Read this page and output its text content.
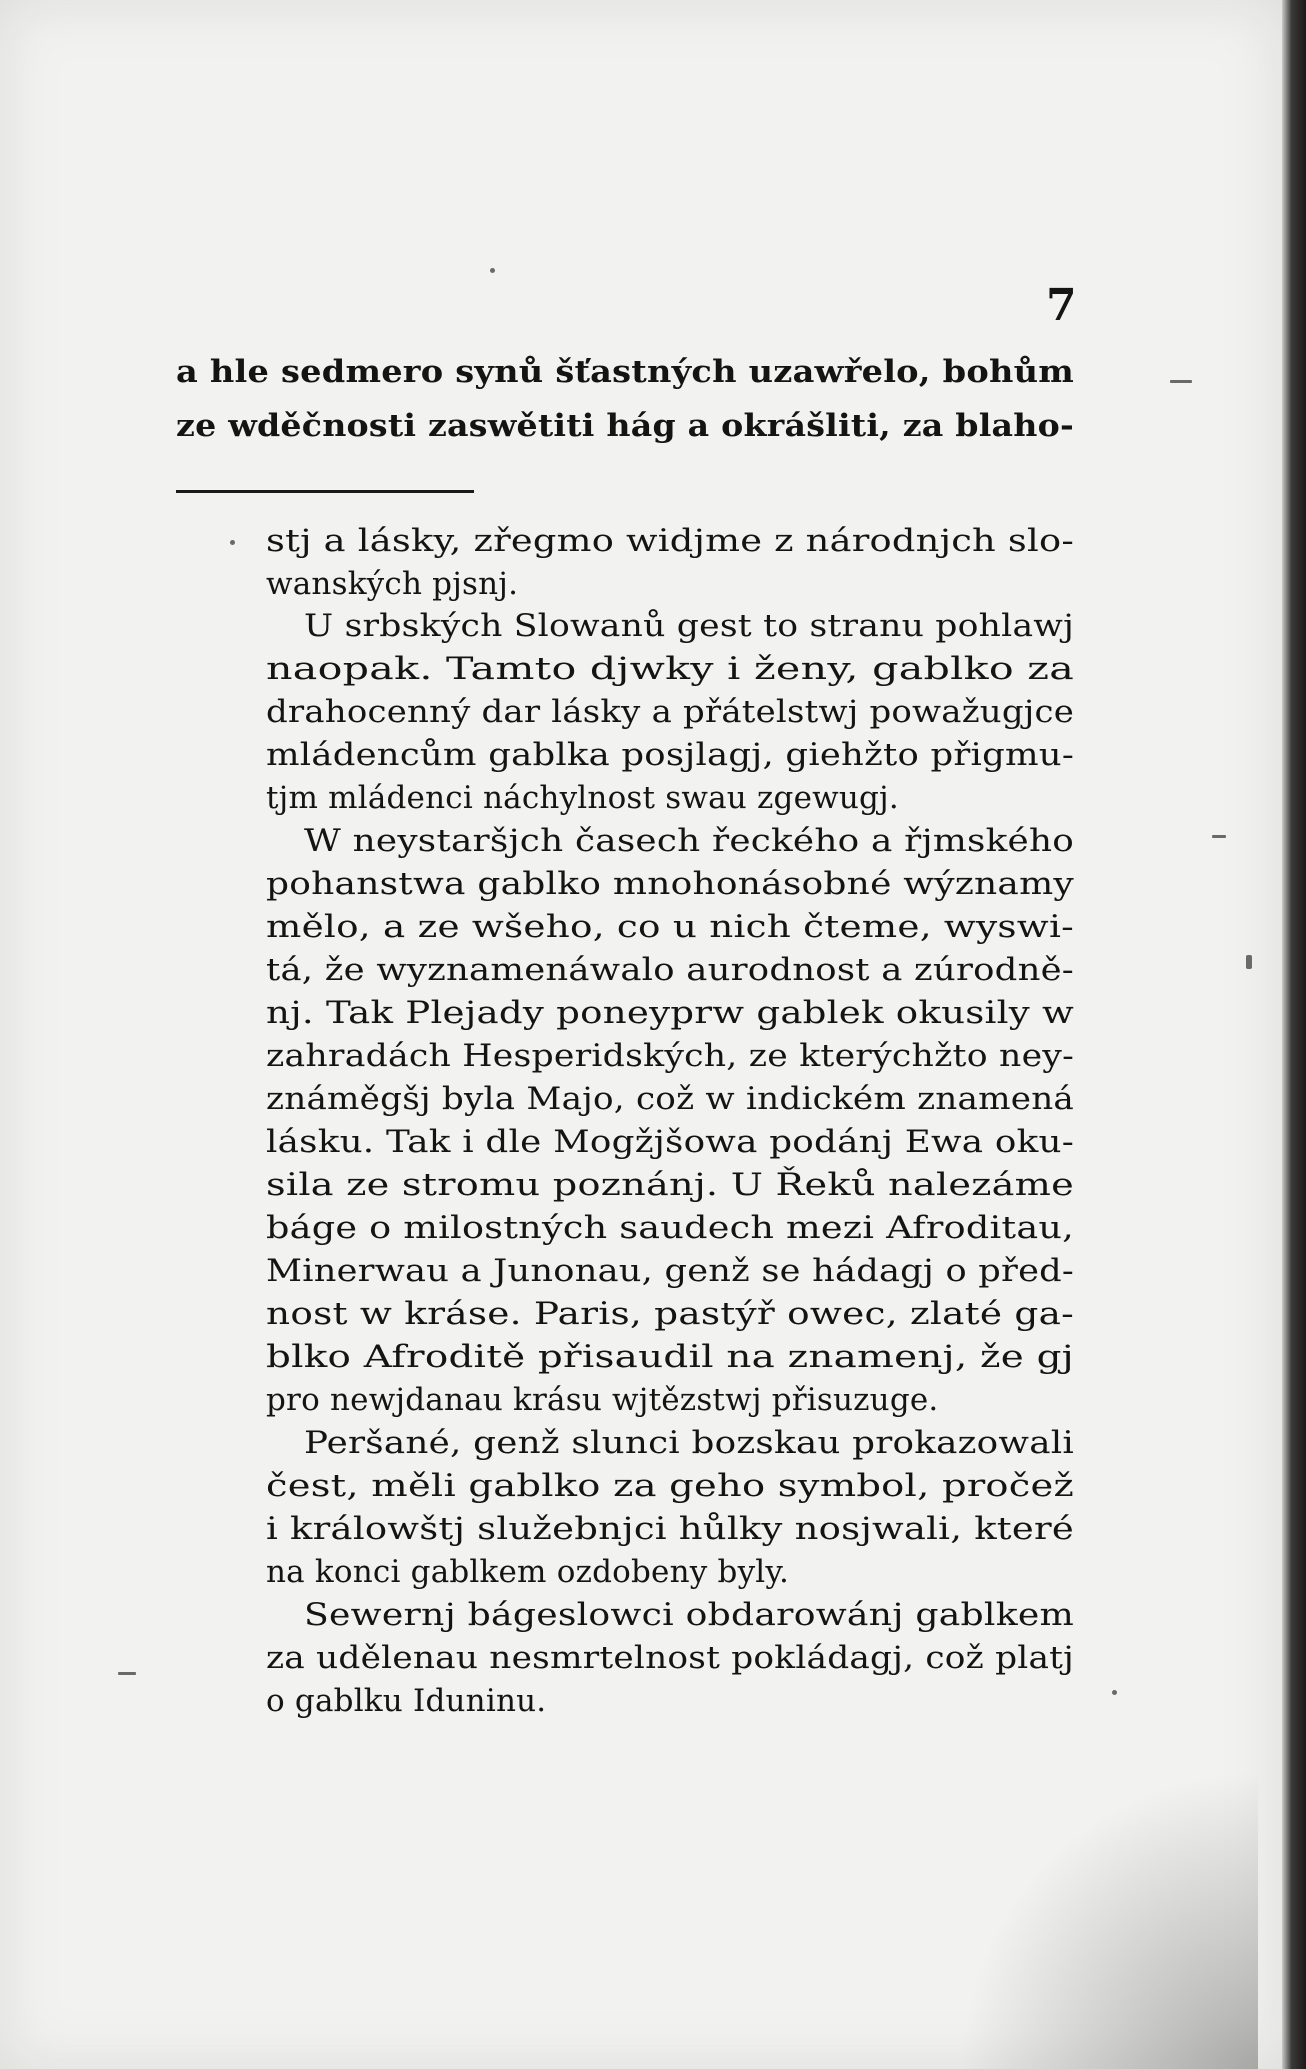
7
a hle sedmero synů šťastných uzawřelo, bohům
ze wděčnosti zaswětiti hág a okrášliti, za blaho-
stj a lásky, zřegmo widjme z národnjch slo-
wanských pjsnj.
U srbských Slowanů gest to stranu pohlawj
naopak. Tamto djwky i ženy, gablko za
drahocenný dar lásky a přátelstwj powažugjce
mládencům gablka posjlagj, giehžto přigmu-
tjm mládenci náchylnost swau zgewugj.
W neystaršjch časech řeckého a řjmského
pohanstwa gablko mnohonásobné wýznamy
mělo, a ze wšeho, co u nich čteme, wyswi-
tá, že wyznamenáwalo aurodnost a zúrodně-
nj. Tak Plejady poneyprw gablek okusily w
zahradách Hesperidských, ze kterýchžto ney-
známěgšj byla Majo, což w indickém znamená
lásku. Tak i dle Mogžjšowa podánj Ewa oku-
sila ze stromu poznánj. U Řeků nalezáme
báge o milostných saudech mezi Afroditau,
Minerwau a Junonau, genž se hádagj o před-
nost w kráse. Paris, pastýř owec, zlaté ga-
blko Afroditě přisaudil na znamenj, že gj
pro newjdanau krásu wjtězstwj přisuzuge.
Peršané, genž slunci bozskau prokazowali
čest, měli gablko za geho symbol, pročež
i králowštj služebnjci hůlky nosjwali, které
na konci gablkem ozdobeny byly.
Sewernj bágeslowci obdarowánj gablkem
za udělenau nesmrtelnost pokládagj, což platj
o gablku Iduninu.
